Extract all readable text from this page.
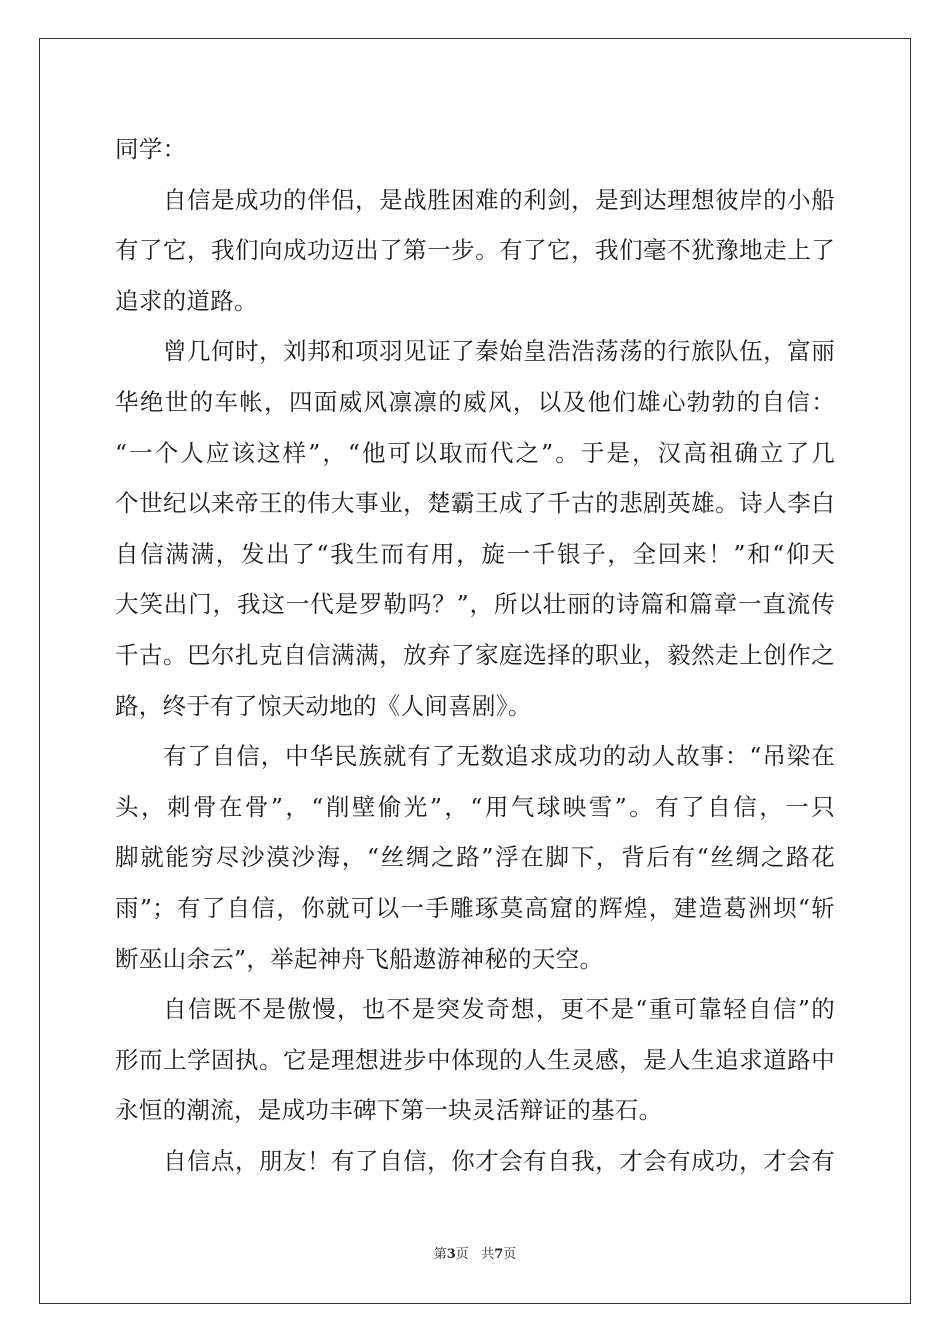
同学：
自信是成功的伴侣，是战胜困难的利剑，是到达理想彼岸的小船
有了它，我们向成功迈出了第一步。有了它，我们毫不犹豫地走上了
追求的道路。
曾几何时，刘邦和项羽见证了秦始皇浩浩荡荡的行旅队伍，富丽
华绝世的车帐，四面威风凛凛的威风，以及他们雄心勃勃的自信：
“一个人应该这样”，“他可以取而代之”。于是，汉高祖确立了几
个世纪以来帝王的伟大事业，楚霸王成了千古的悲剧英雄。诗人李白
自信满满，发出了“我生而有用，旋一千银子，全回来！”和“仰天
大笑出门，我这一代是罗勒吗？”，所以壮丽的诗篇和篇章一直流传
千古。巴尔扎克自信满满，放弃了家庭选择的职业，毅然走上创作之
路，终于有了惊天动地的《人间喜剧》。
有了自信，中华民族就有了无数追求成功的动人故事：“吊梁在
头，刺骨在骨”，“削壁偷光”，“用气球映雪”。有了自信，一只
脚就能穷尽沙漠沙海，“丝绸之路”浮在脚下，背后有“丝绸之路花
雨”；有了自信，你就可以一手雕琢莫高窟的辉煌，建造葛洲坝“斩
断巫山余云”，举起神舟飞船遨游神秘的天空。
自信既不是傲慢，也不是突发奇想，更不是“重可靠轻自信”的
形而上学固执。它是理想进步中体现的人生灵感，是人生追求道路中
永恒的潮流，是成功丰碑下第一块灵活辩证的基石。
自信点，朋友！有了自信，你才会有自我，才会有成功，才会有
第3页 共7页
